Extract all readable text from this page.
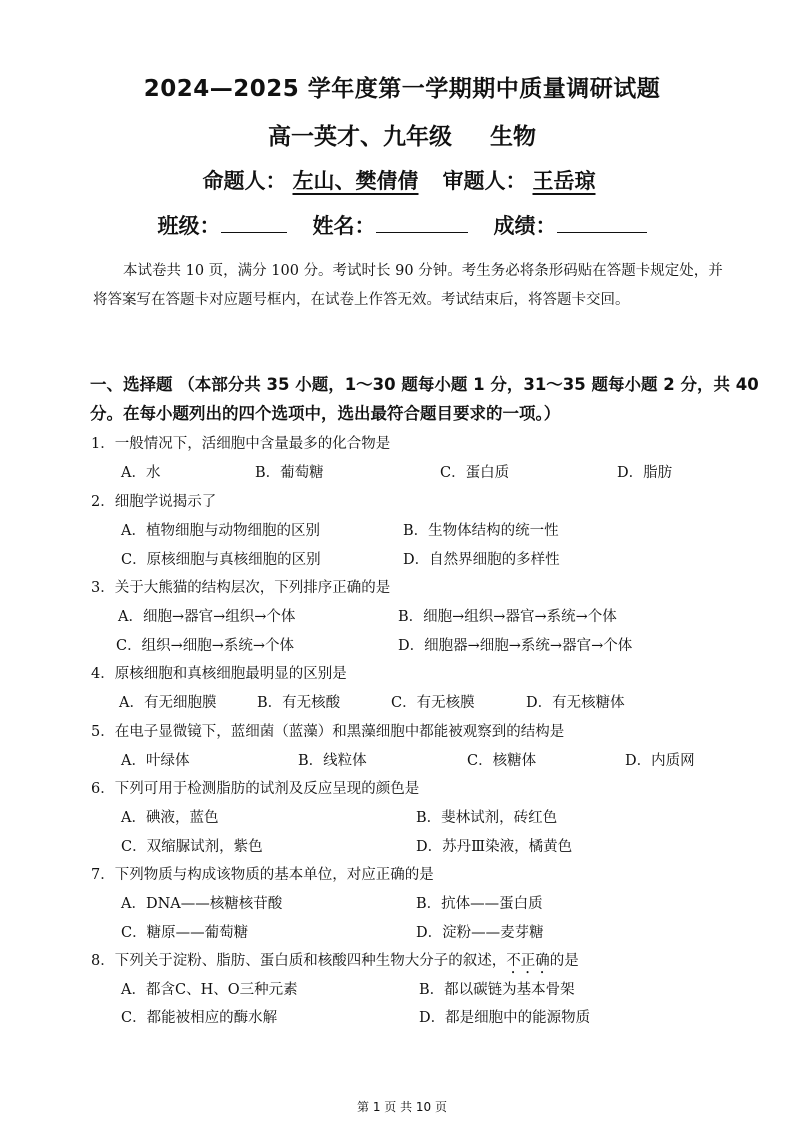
2024—2025 学年度第一学期期中质量调研试题
高一英才、九年级 生物
命题人： 左山、樊倩倩 审题人： 王岳琼
班级：	姓名：	成绩：
本试卷共 10 页，满分 100 分。考试时长 90 分钟。考生务必将条形码贴在答题卡规定处，并将答案写在答题卡对应题号框内，在试卷上作答无效。考试结束后，将答题卡交回。
一、选择题 （本部分共 35 小题，1～30 题每小题 1 分，31～35 题每小题 2 分，共 40 分。在每小题列出的四个选项中，选出最符合题目要求的一项。）
1．一般情况下，活细胞中含量最多的化合物是
A．水	B．葡萄糖	C．蛋白质	D．脂肪
2．细胞学说揭示了
A．植物细胞与动物细胞的区别	B．生物体结构的统一性
C．原核细胞与真核细胞的区别	D．自然界细胞的多样性
3．关于大熊猫的结构层次，下列排序正确的是
A．细胞→器官→组织→个体	B．细胞→组织→器官→系统→个体
C．组织→细胞→系统→个体	D．细胞器→细胞→系统→器官→个体
4．原核细胞和真核细胞最明显的区别是
A．有无细胞膜	B．有无核酸	C．有无核膜	D．有无核糖体
5．在电子显微镜下，蓝细菌（蓝藻）和黑藻细胞中都能被观察到的结构是
A．叶绿体	B．线粒体	C．核糖体	D．内质网
6．下列可用于检测脂肪的试剂及反应呈现的颜色是
A．碘液，蓝色	B．斐林试剂，砖红色
C．双缩脲试剂，紫色	D．苏丹Ⅲ染液，橘黄色
7．下列物质与构成该物质的基本单位，对应正确的是
A．DNA——核糖核苷酸	B．抗体——蛋白质
C．糖原——葡萄糖	D．淀粉——麦芽糖
8．下列关于淀粉、脂肪、蛋白质和核酸四种生物大分子的叙述，不正确的是
A．都含C、H、O三种元素	B．都以碳链为基本骨架
C．都能被相应的酶水解	D．都是细胞中的能源物质
第 1 页 共 10 页
